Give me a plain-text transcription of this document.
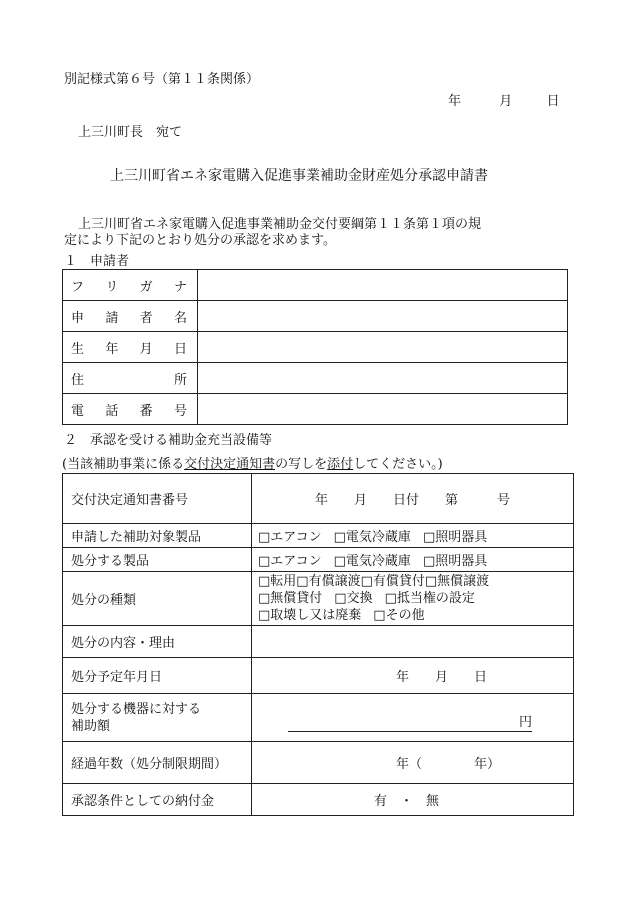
別記様式第６号（第１１条関係）
年	月	日
上三川町長　宛て
上三川町省エネ家電購入促進事業補助金財産処分承認申請書
上三川町省エネ家電購入促進事業補助金交付要綱第１１条第１項の規
定により下記のとおり処分の承認を求めます。
１　申請者
フ リ ガ ナ	

申 請 者 名	

生 年 月 日	

住 所	

電 話 番 号	

２　承認を受ける補助金充当設備等
(当該補助事業に係る交付決定通知書の写しを添付してください。)
交付決定通知書番号	年　　月　　日付　　第　　　号
申請した補助対象製品	□エアコン □電気冷蔵庫 □照明器具
処分する製品	□エアコン □電気冷蔵庫 □照明器具
処分の種類	□転用□有償譲渡□有償貸付□無償譲渡
□無償貸付 □交換 □抵当権の設定
□取壊し又は廃棄 □その他

処分の内容・理由	
処分予定年月日	年　　月　　日

処分する機器に対する
補助額	円

経過年数（処分制限期間）	年（　　　　年）
承認条件としての納付金	有　・　無
